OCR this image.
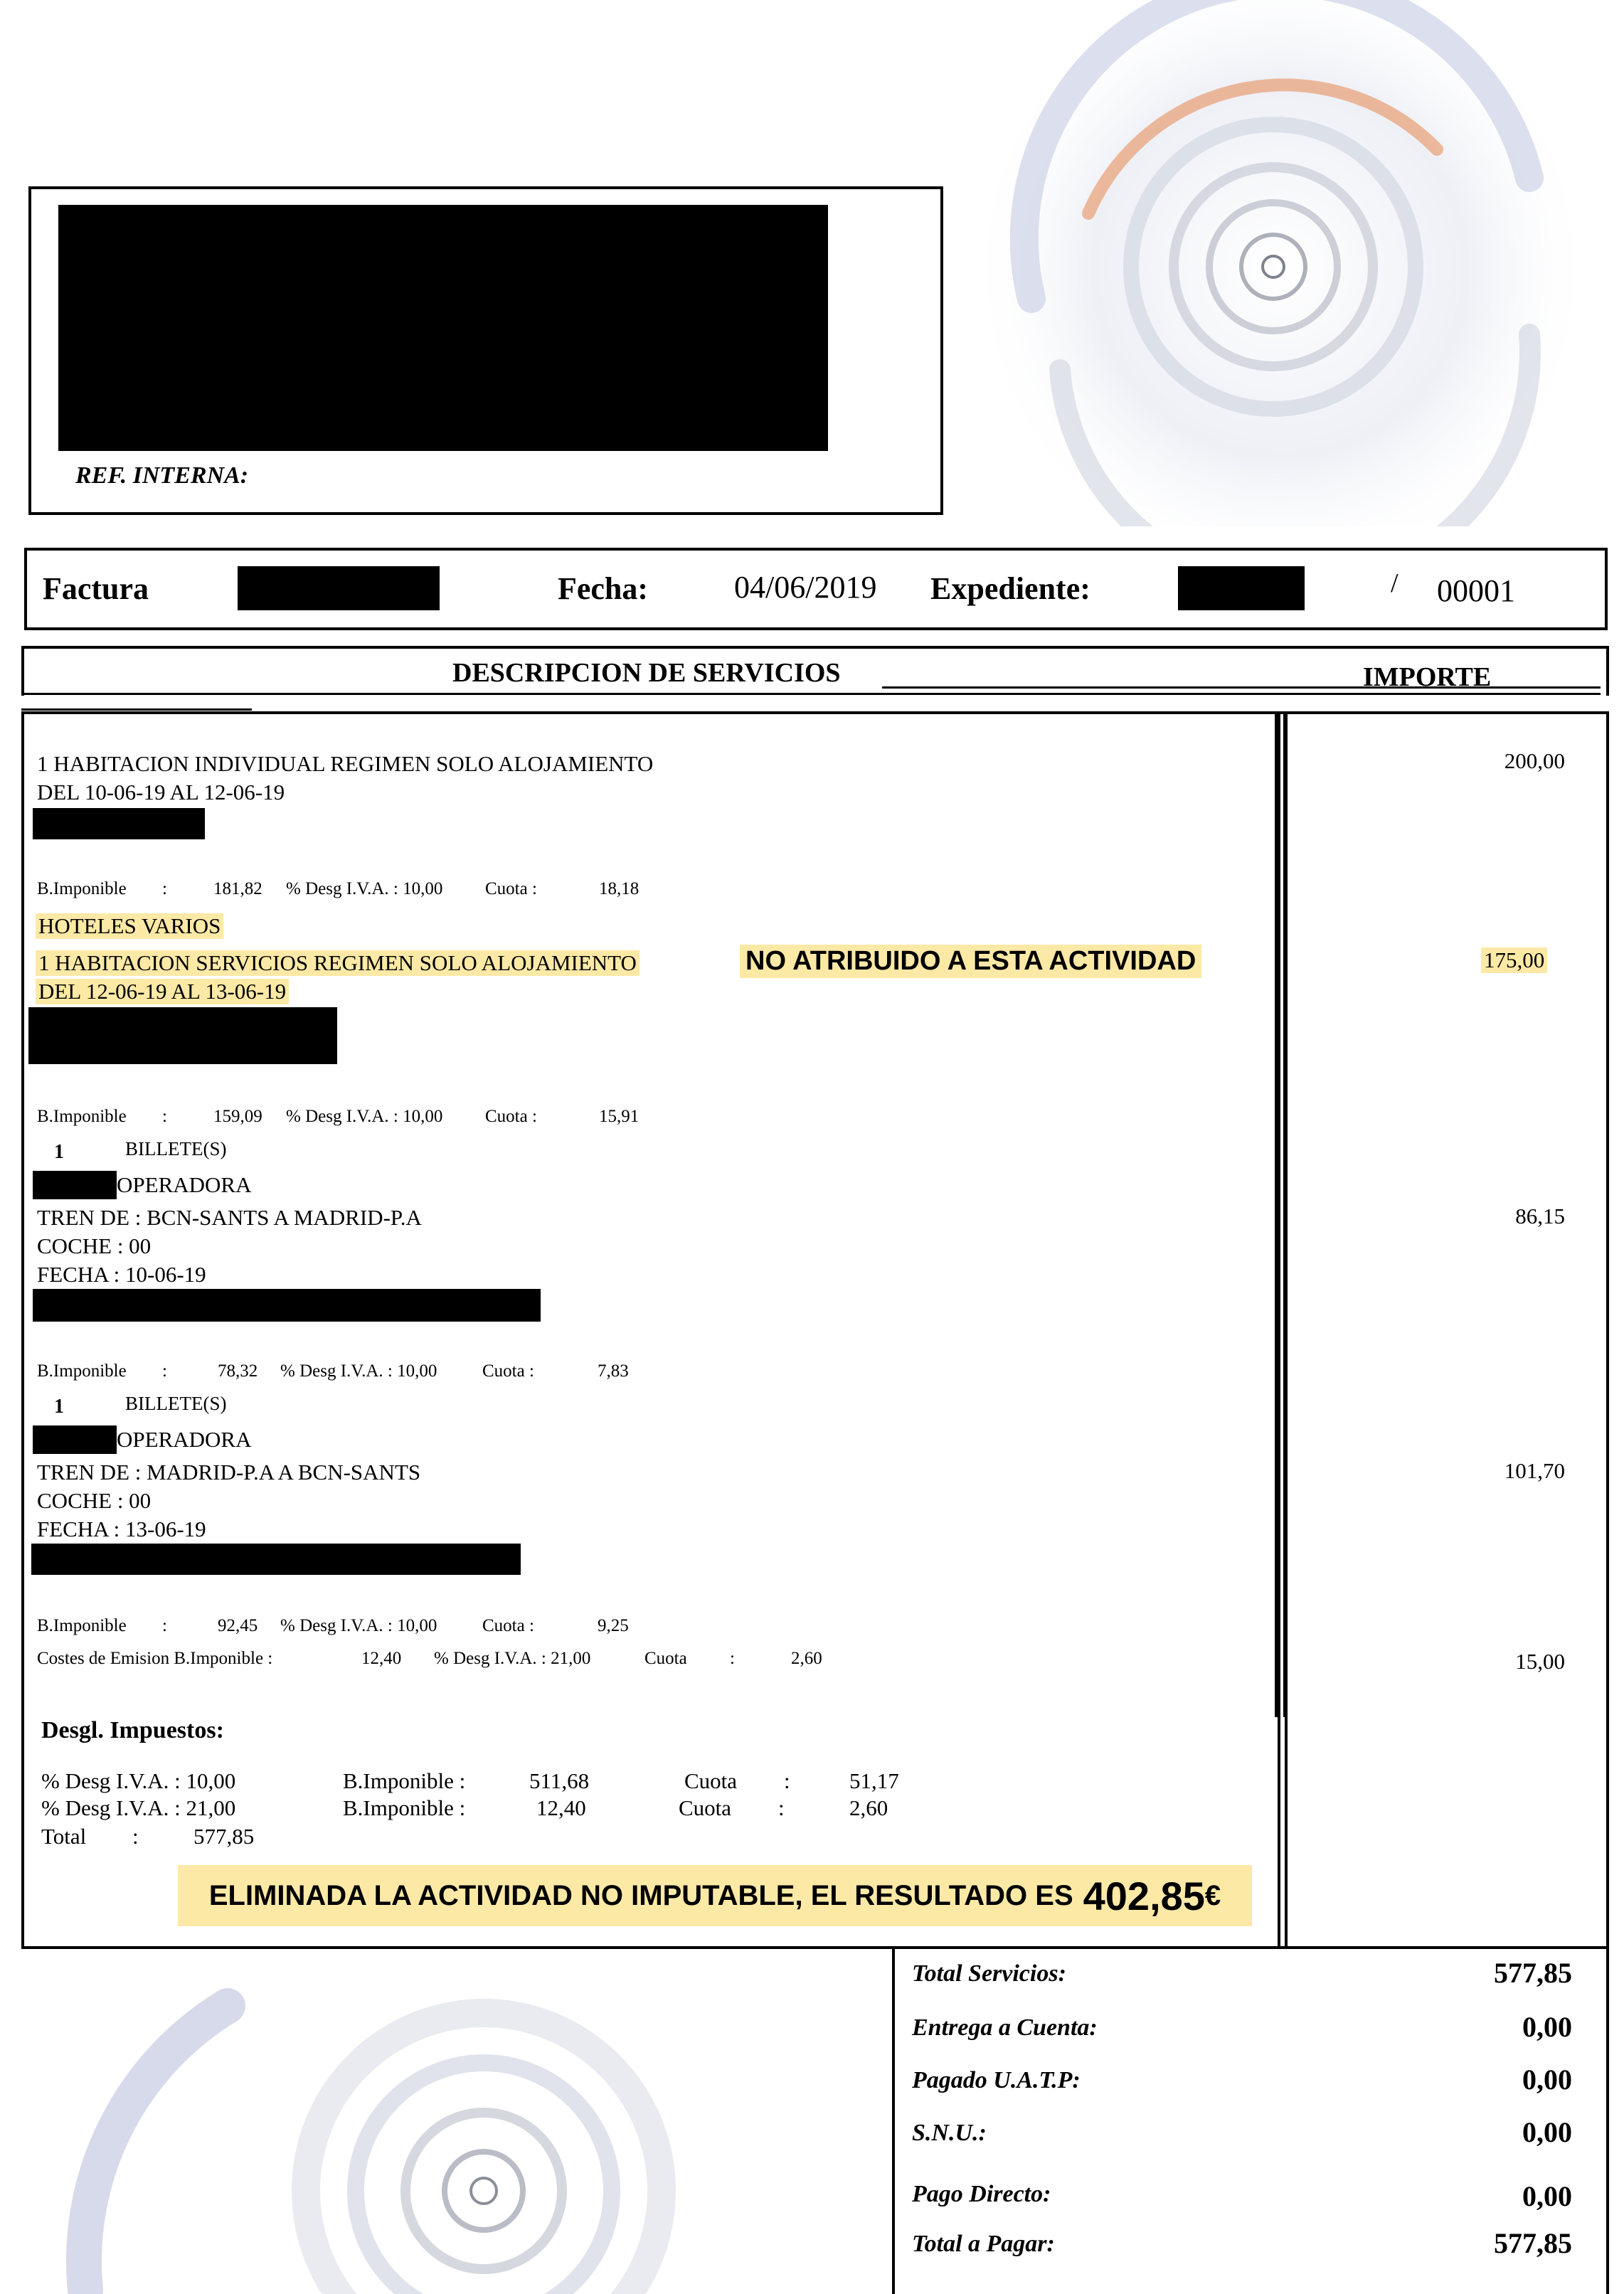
REF. INTERNA:
Factura	Fecha:	04/06/2019 Expediente:	/ 00001
DESCRIPCION DE SERVICIOS	IMPORTE
1 HABITACION INDIVIDUAL REGIMEN SOLO ALOJAMIENTO
DEL 10-06-19 AL 12-06-19
200,00
B.Imponible :	181,82 % Desg I.V.A. : 10,00 Cuota :	18,18
HOTELES VARIOS
1 HABITACION SERVICIOS REGIMEN SOLO ALOJAMIENTO
DEL 12-06-19 AL 13-06-19
NO ATRIBUIDO A ESTA ACTIVIDAD	175,00
B.Imponible :	159,09 % Desg I.V.A. : 10,00 Cuota :	15,91
1	BILLETE(S)
OPERADORA
TREN DE : BCN-SANTS A MADRID-P.A
COCHE : 00
FECHA : 10-06-19
86,15
B.Imponible :	78,32 % Desg I.V.A. : 10,00	Cuota :	7,83
1	BILLETE(S)
OPERADORA
TREN DE : MADRID-P.A A BCN-SANTS
COCHE : 00
FECHA : 13-06-19
101,70
B.Imponible :	92,45 % Desg I.V.A. : 10,00	Cuota :	9,25
Costes de Emision B.Imponible :	12,40 % Desg I.V.A. : 21,00	Cuota :	2,60	15,00
Desgl. Impuestos:
% Desg I.V.A. : 10,00	B.Imponible :	511,68	Cuota :	51,17
% Desg I.V.A. : 21,00	B.Imponible :	12,40	Cuota :	2,60
Total : 577,85
ELIMINADA LA ACTIVIDAD NO IMPUTABLE, EL RESULTADO ES 402,85 €
Total Servicios:	577,85
Entrega a Cuenta:	0,00
Pagado U.A.T.P:	0,00
S.N.U.:	0,00
Pago Directo:	0,00
Total a Pagar:	577,85
